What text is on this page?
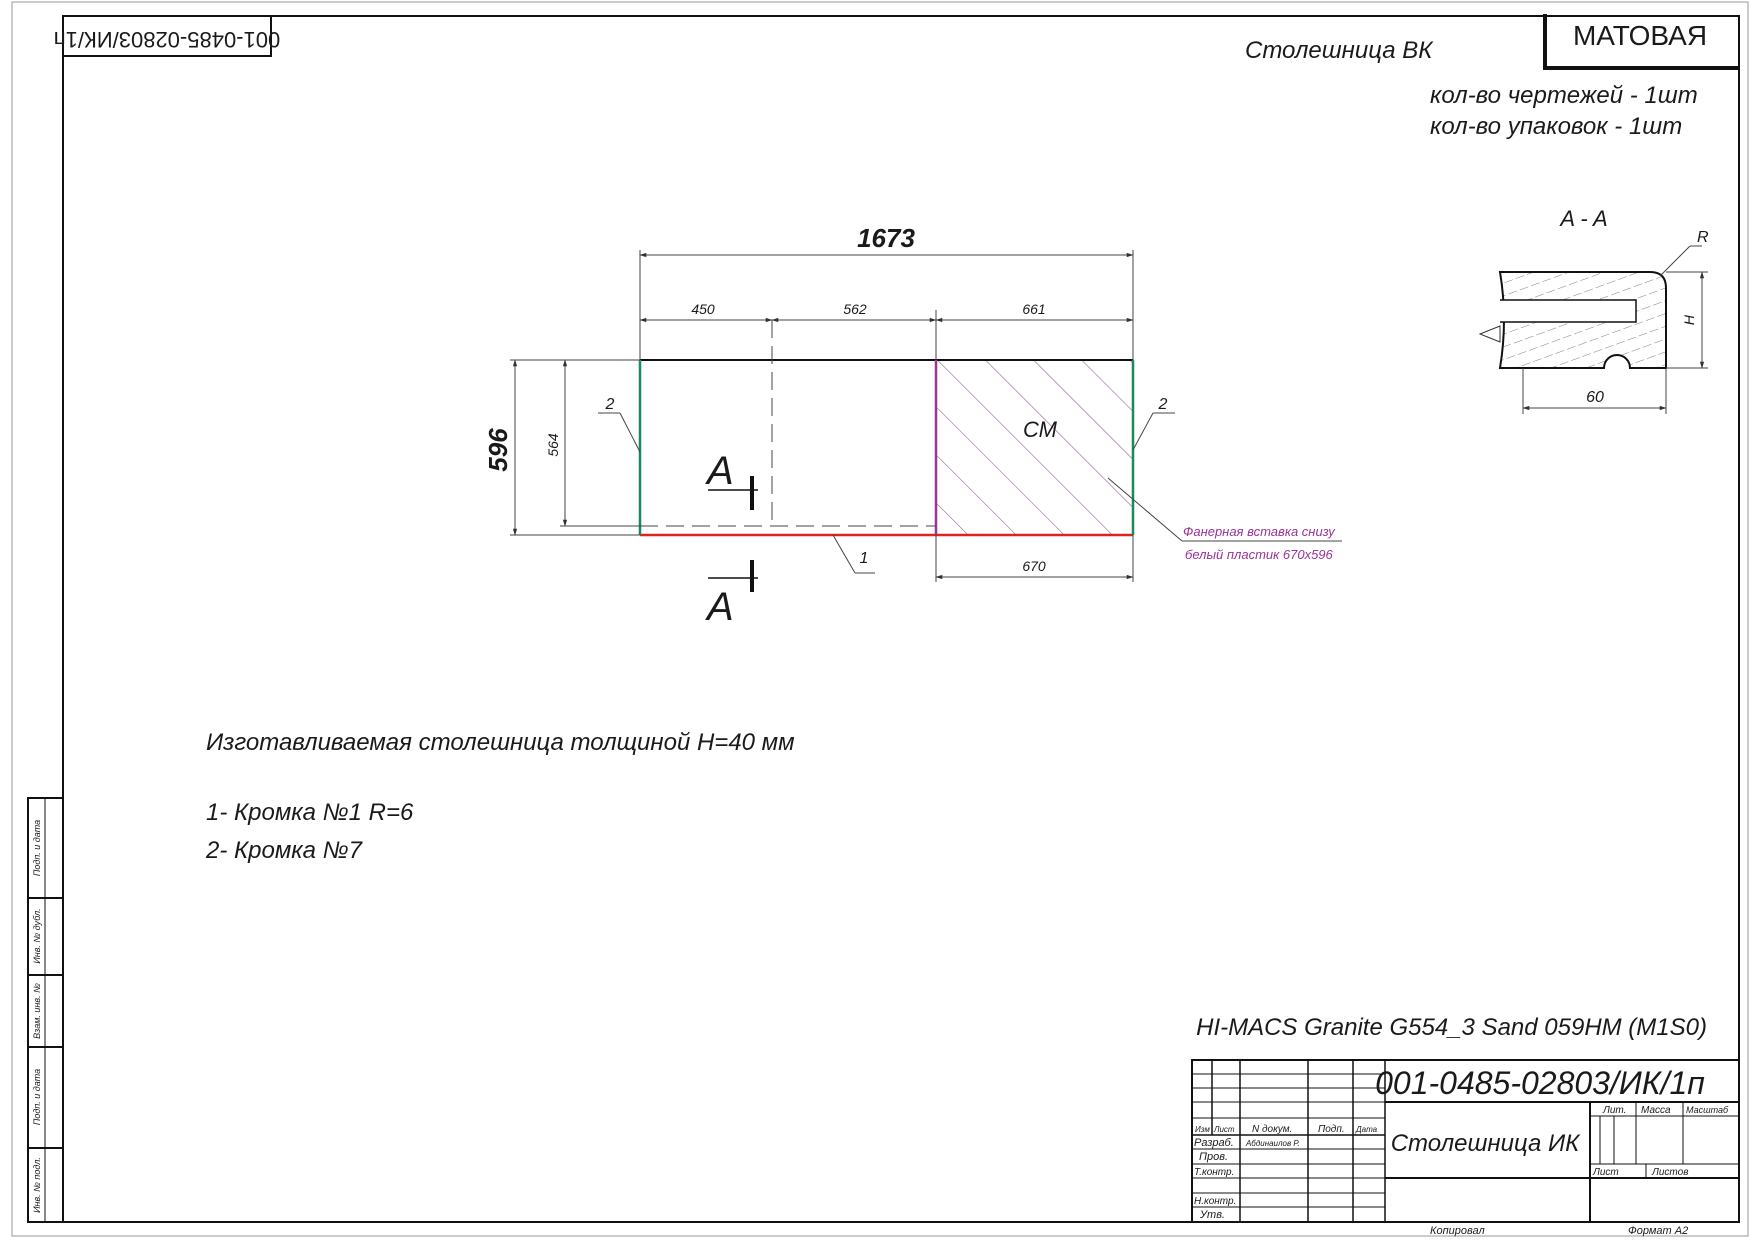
001-0485-02803/ИК/1п	МАТОВАЯ
Столешница ВК
кол-во чертежей - 1шт
кол-во упаковок - 1шт
1673
450	562	661
596 564
670
СМ
2	2
1
Фанерная вставка снизу
белый пластик 670х596
A
A
A - A
R
H
60
Изготавливаемая столешница толщиной H=40 мм
1- Кромка №1 R=6
2- Кромка №7
HI-MACS Granite G554_3 Sand 059HM (M1S0)
Подп. и дата
Инв. № дубл.
Взам. инв. №
Подп. и дата
Инв. № подл.
001-0485-02803/ИК/1п
Столешница ИК
Изм Лист N докум.	Подп. Дата
Разраб. Абдинаилов Р.
Пров.
Т.контр.
Н.контр.
Утв.
Лит. Масса Масштаб
Лист	Листов
Копировал	Формат A2
